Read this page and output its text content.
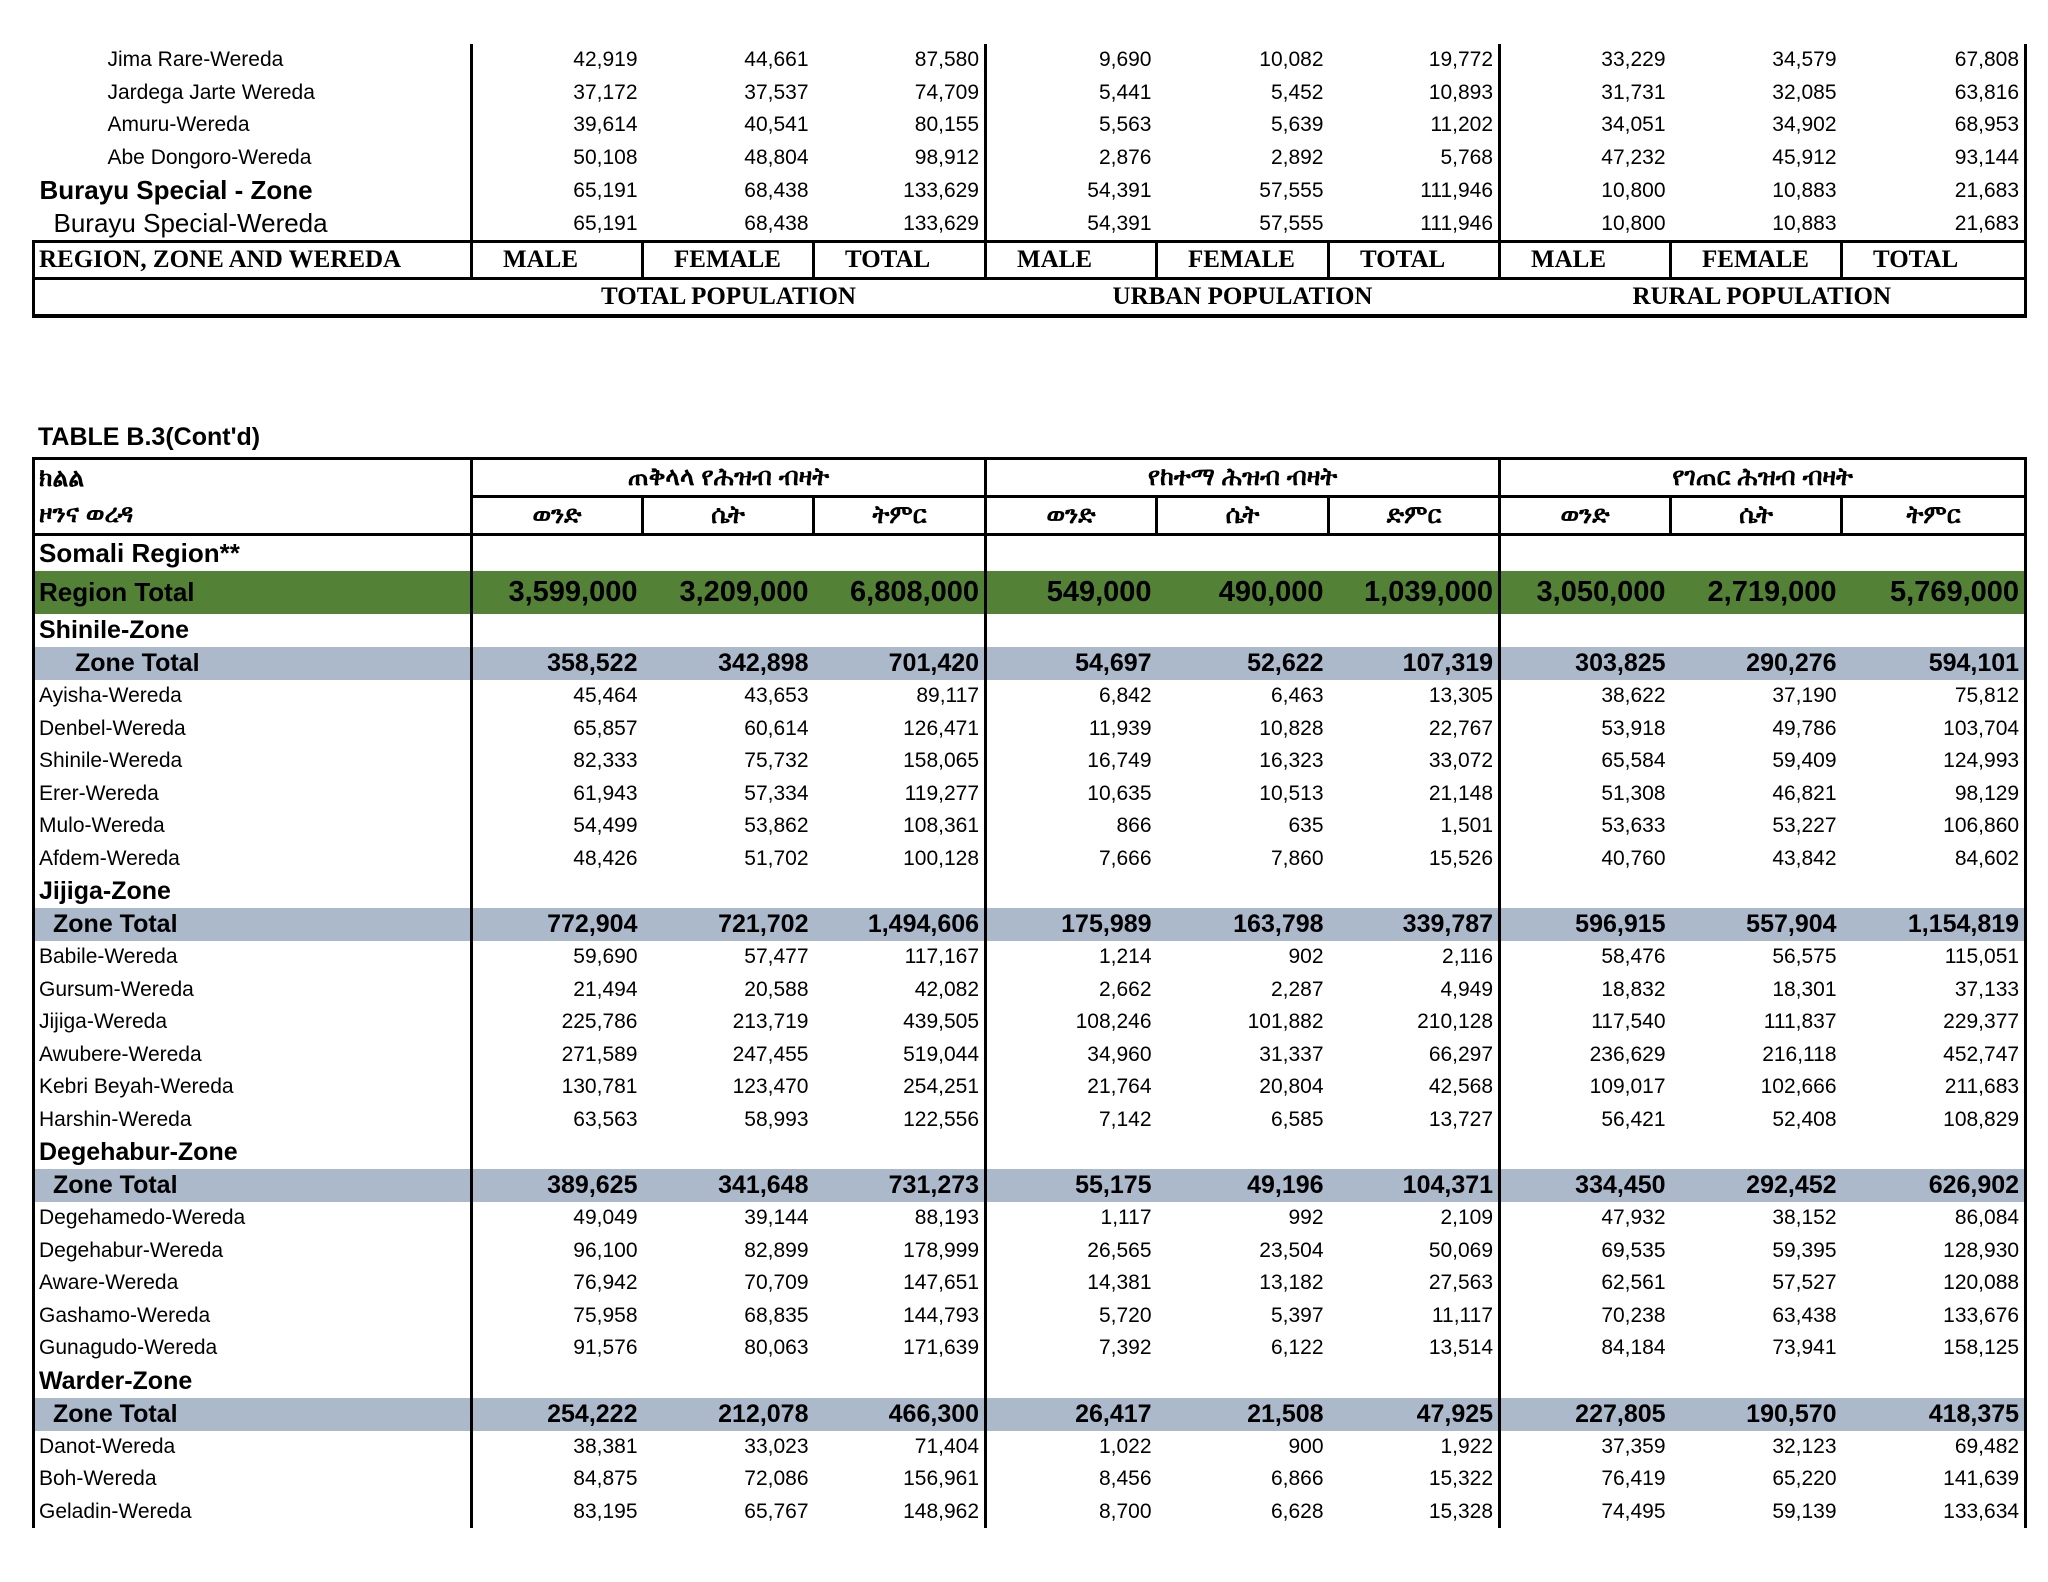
Jima Rare-Wereda	42,919	44,661	87,580	9,690	10,082	19,772	33,229	34,579	67,808
Jardega Jarte Wereda	37,172	37,537	74,709	5,441	5,452	10,893	31,731	32,085	63,816
Amuru-Wereda	39,614	40,541	80,155	5,563	5,639	11,202	34,051	34,902	68,953
Abe Dongoro-Wereda	50,108	48,804	98,912	2,876	2,892	5,768	47,232	45,912	93,144
Burayu Special - Zone	65,191	68,438	133,629	54,391	57,555	111,946	10,800	10,883	21,683
Burayu Special-Wereda	65,191	68,438	133,629	54,391	57,555	111,946	10,800	10,883	21,683
REGION, ZONE AND WEREDA	MALE	FEMALE	TOTAL	MALE	FEMALE	TOTAL	MALE	FEMALE	TOTAL
	TOTAL POPULATION			URBAN POPULATION			RURAL POPULATION		

TABLE B.3(Cont'd)

ክልል	ጠቅላላ የሕዝብ ብዛት			የከተማ ሕዝብ ብዛት			የገጠር ሕዝብ ብዛት		
ዞንና ወረዳ	ወንድ	ሴት	ትምር	ወንድ	ሴት	ድምር	ወንድ	ሴት	ትምር
Somali Region**									
Region Total	3,599,000	3,209,000	6,808,000	549,000	490,000	1,039,000	3,050,000	2,719,000	5,769,000
Shinile-Zone									
Zone Total	358,522	342,898	701,420	54,697	52,622	107,319	303,825	290,276	594,101
Ayisha-Wereda	45,464	43,653	89,117	6,842	6,463	13,305	38,622	37,190	75,812
Denbel-Wereda	65,857	60,614	126,471	11,939	10,828	22,767	53,918	49,786	103,704
Shinile-Wereda	82,333	75,732	158,065	16,749	16,323	33,072	65,584	59,409	124,993
Erer-Wereda	61,943	57,334	119,277	10,635	10,513	21,148	51,308	46,821	98,129
Mulo-Wereda	54,499	53,862	108,361	866	635	1,501	53,633	53,227	106,860
Afdem-Wereda	48,426	51,702	100,128	7,666	7,860	15,526	40,760	43,842	84,602
Jijiga-Zone									
Zone Total	772,904	721,702	1,494,606	175,989	163,798	339,787	596,915	557,904	1,154,819
Babile-Wereda	59,690	57,477	117,167	1,214	902	2,116	58,476	56,575	115,051
Gursum-Wereda	21,494	20,588	42,082	2,662	2,287	4,949	18,832	18,301	37,133
Jijiga-Wereda	225,786	213,719	439,505	108,246	101,882	210,128	117,540	111,837	229,377
Awubere-Wereda	271,589	247,455	519,044	34,960	31,337	66,297	236,629	216,118	452,747
Kebri Beyah-Wereda	130,781	123,470	254,251	21,764	20,804	42,568	109,017	102,666	211,683
Harshin-Wereda	63,563	58,993	122,556	7,142	6,585	13,727	56,421	52,408	108,829
Degehabur-Zone									
Zone Total	389,625	341,648	731,273	55,175	49,196	104,371	334,450	292,452	626,902
Degehamedo-Wereda	49,049	39,144	88,193	1,117	992	2,109	47,932	38,152	86,084
Degehabur-Wereda	96,100	82,899	178,999	26,565	23,504	50,069	69,535	59,395	128,930
Aware-Wereda	76,942	70,709	147,651	14,381	13,182	27,563	62,561	57,527	120,088
Gashamo-Wereda	75,958	68,835	144,793	5,720	5,397	11,117	70,238	63,438	133,676
Gunagudo-Wereda	91,576	80,063	171,639	7,392	6,122	13,514	84,184	73,941	158,125
Warder-Zone									
Zone Total	254,222	212,078	466,300	26,417	21,508	47,925	227,805	190,570	418,375
Danot-Wereda	38,381	33,023	71,404	1,022	900	1,922	37,359	32,123	69,482
Boh-Wereda	84,875	72,086	156,961	8,456	6,866	15,322	76,419	65,220	141,639
Geladin-Wereda	83,195	65,767	148,962	8,700	6,628	15,328	74,495	59,139	133,634
